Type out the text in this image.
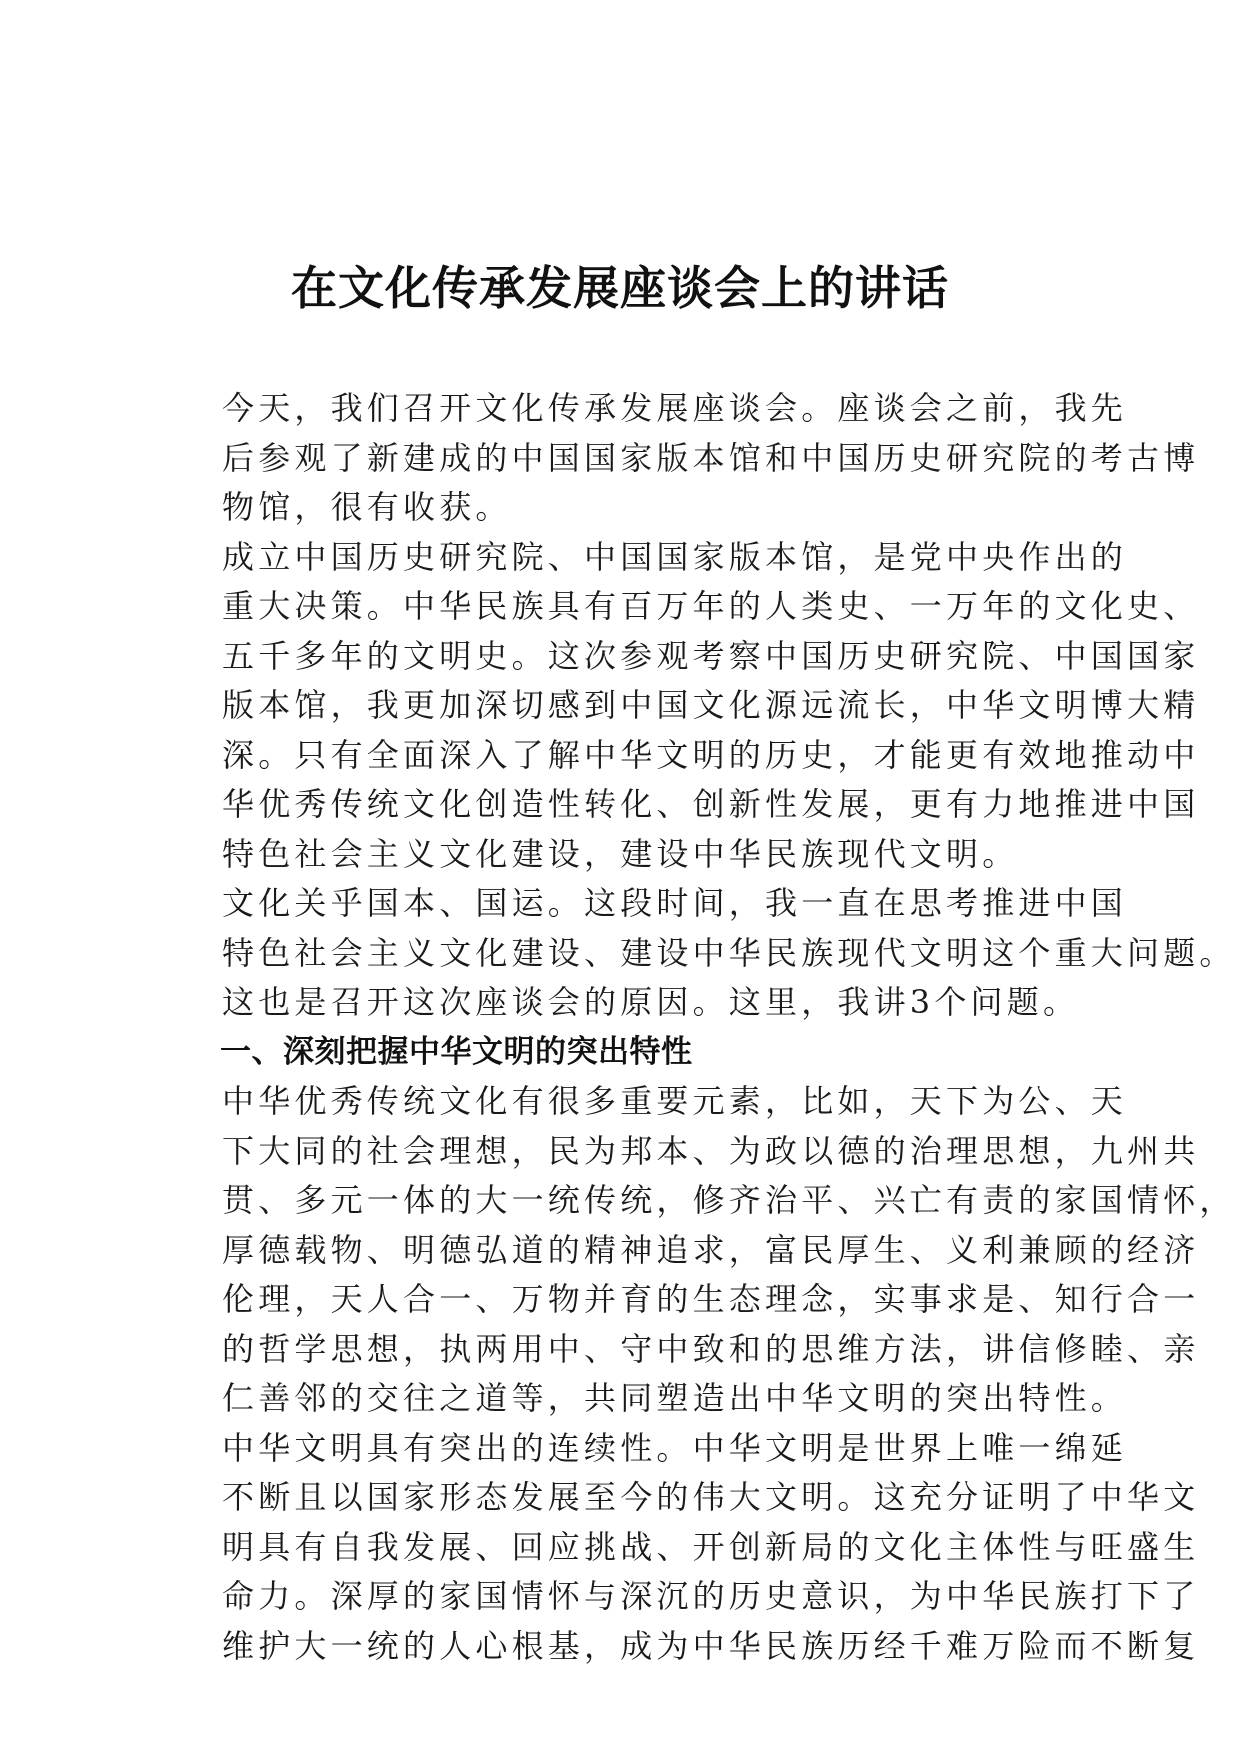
在文化传承发展座谈会上的讲话

今天，我们召开文化传承发展座谈会。座谈会之前，我先
后参观了新建成的中国国家版本馆和中国历史研究院的考古博
物馆，很有收获。

成立中国历史研究院、中国国家版本馆，是党中央作出的
重大决策。中华民族具有百万年的人类史、一万年的文化史、
五千多年的文明史。这次参观考察中国历史研究院、中国国家
版本馆，我更加深切感到中国文化源远流长，中华文明博大精
深。只有全面深入了解中华文明的历史，才能更有效地推动中
华优秀传统文化创造性转化、创新性发展，更有力地推进中国
特色社会主义文化建设，建设中华民族现代文明。

文化关乎国本、国运。这段时间，我一直在思考推进中国
特色社会主义文化建设、建设中华民族现代文明这个重大问题。
这也是召开这次座谈会的原因。这里，我讲3个问题。

一、深刻把握中华文明的突出特性

中华优秀传统文化有很多重要元素，比如，天下为公、天
下大同的社会理想，民为邦本、为政以德的治理思想，九州共
贯、多元一体的大一统传统，修齐治平、兴亡有责的家国情怀，
厚德载物、明德弘道的精神追求，富民厚生、义利兼顾的经济
伦理，天人合一、万物并育的生态理念，实事求是、知行合一
的哲学思想，执两用中、守中致和的思维方法，讲信修睦、亲
仁善邻的交往之道等，共同塑造出中华文明的突出特性。

中华文明具有突出的连续性。中华文明是世界上唯一绵延
不断且以国家形态发展至今的伟大文明。这充分证明了中华文
明具有自我发展、回应挑战、开创新局的文化主体性与旺盛生
命力。深厚的家国情怀与深沉的历史意识，为中华民族打下了
维护大一统的人心根基，成为中华民族历经千难万险而不断复
